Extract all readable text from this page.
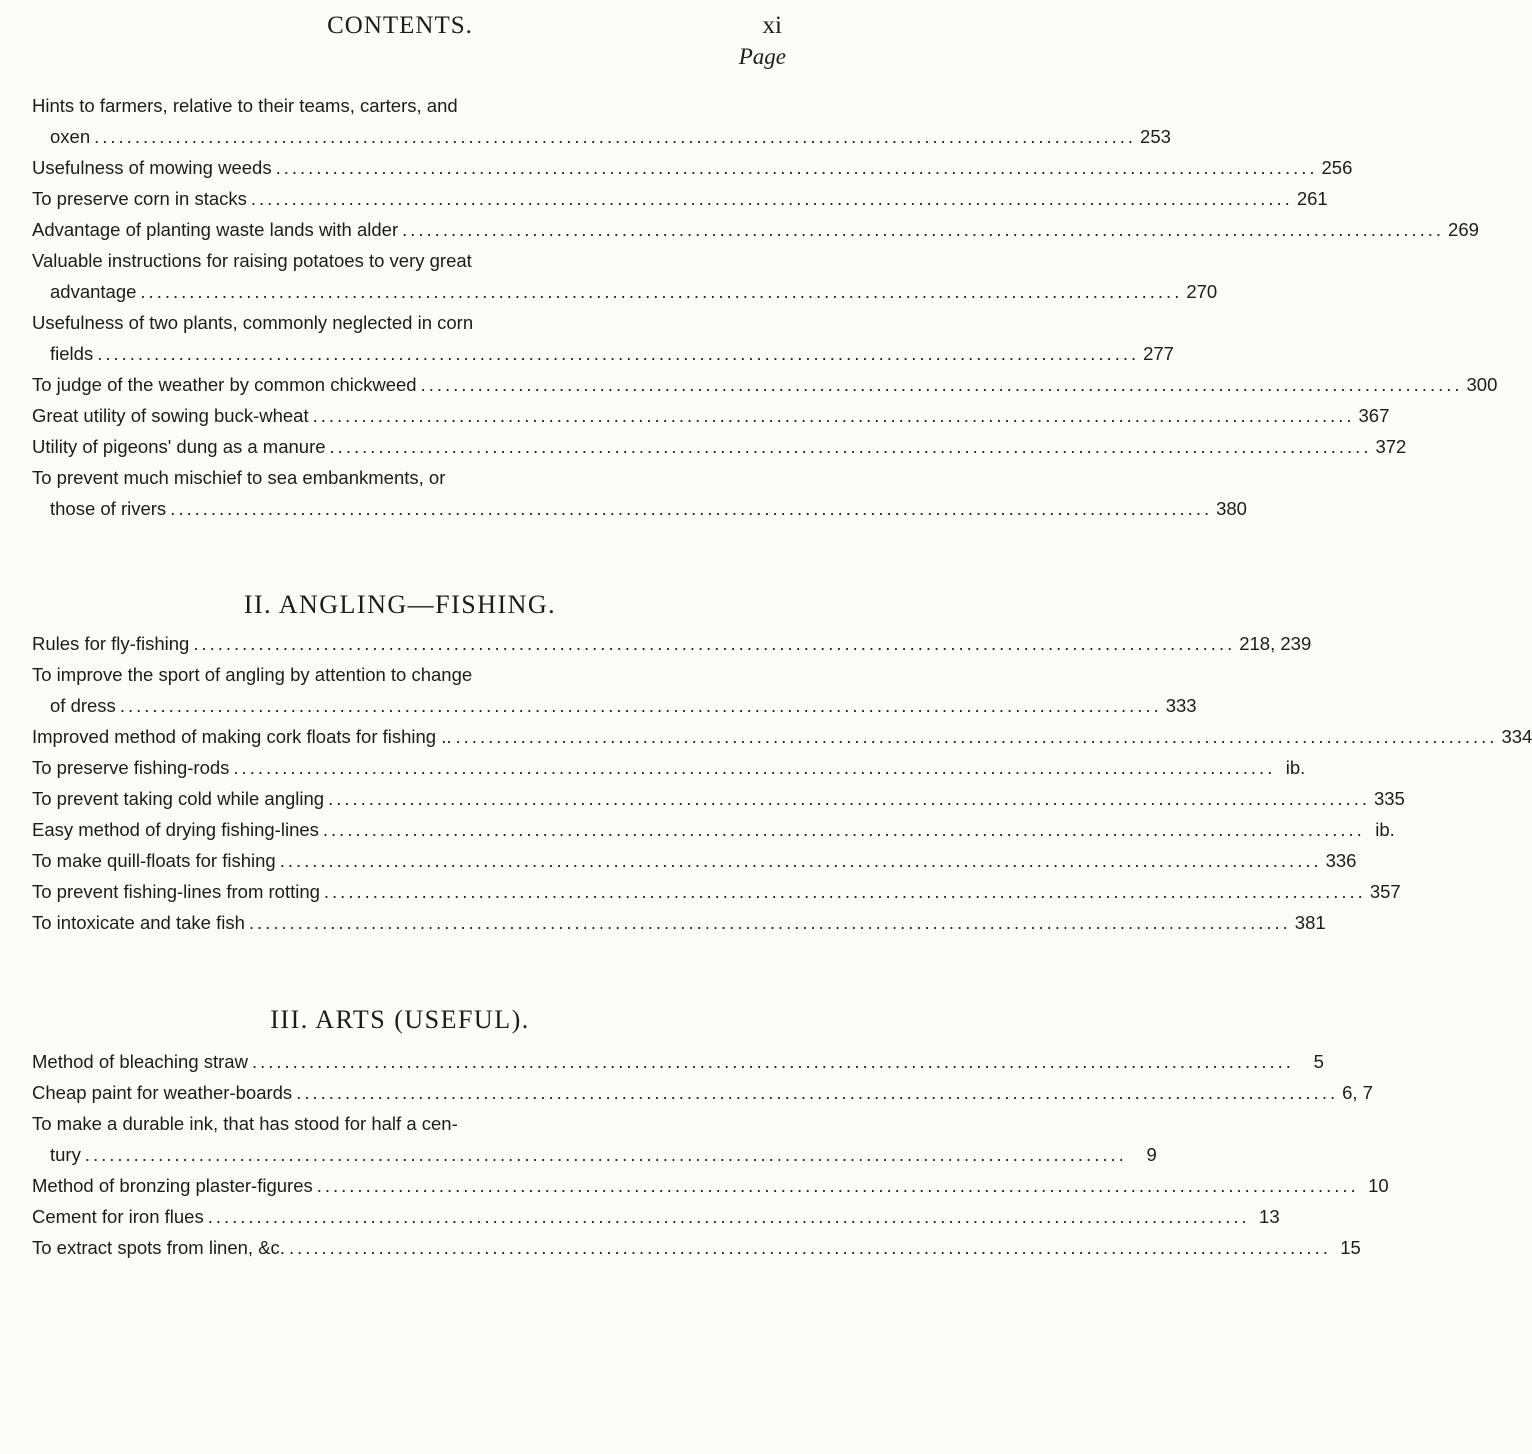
CONTENTS.	xi
Page
Hints to farmers, relative to their teams, carters, and
oxen ................................................................................................................................ 253
Usefulness of mowing weeds ................................................................................................................................ 256
To preserve corn in stacks ................................................................................................................................ 261
Advantage of planting waste lands with alder ................................................................................................................................ 269
Valuable instructions for raising potatoes to very great
advantage ................................................................................................................................ 270
Usefulness of two plants, commonly neglected in corn
fields ................................................................................................................................ 277
To judge of the weather by common chickweed ................................................................................................................................ 300
Great utility of sowing buck-wheat ................................................................................................................................ 367
Utility of pigeons' dung as a manure ................................................................................................................................ 372
To prevent much mischief to sea embankments, or
those of rivers ................................................................................................................................ 380
II. ANGLING—FISHING.
Rules for fly-fishing ................................................................................................................................ 218, 239
To improve the sport of angling by attention to change
of dress ................................................................................................................................ 333
Improved method of making cork floats for fishing .. ................................................................................................................................ 334
To preserve fishing-rods ................................................................................................................................ ib.
To prevent taking cold while angling ................................................................................................................................ 335
Easy method of drying fishing-lines ................................................................................................................................ ib.
To make quill-floats for fishing ................................................................................................................................ 336
To prevent fishing-lines from rotting ................................................................................................................................ 357
To intoxicate and take fish ................................................................................................................................ 381
III. ARTS (USEFUL).
Method of bleaching straw ................................................................................................................................	5
Cheap paint for weather-boards ................................................................................................................................ 6, 7
To make a durable ink, that has stood for half a cen-
tury ................................................................................................................................	9
Method of bronzing plaster-figures ................................................................................................................................ 10
Cement for iron flues ................................................................................................................................ 13
To extract spots from linen, &c. ................................................................................................................................ 15
